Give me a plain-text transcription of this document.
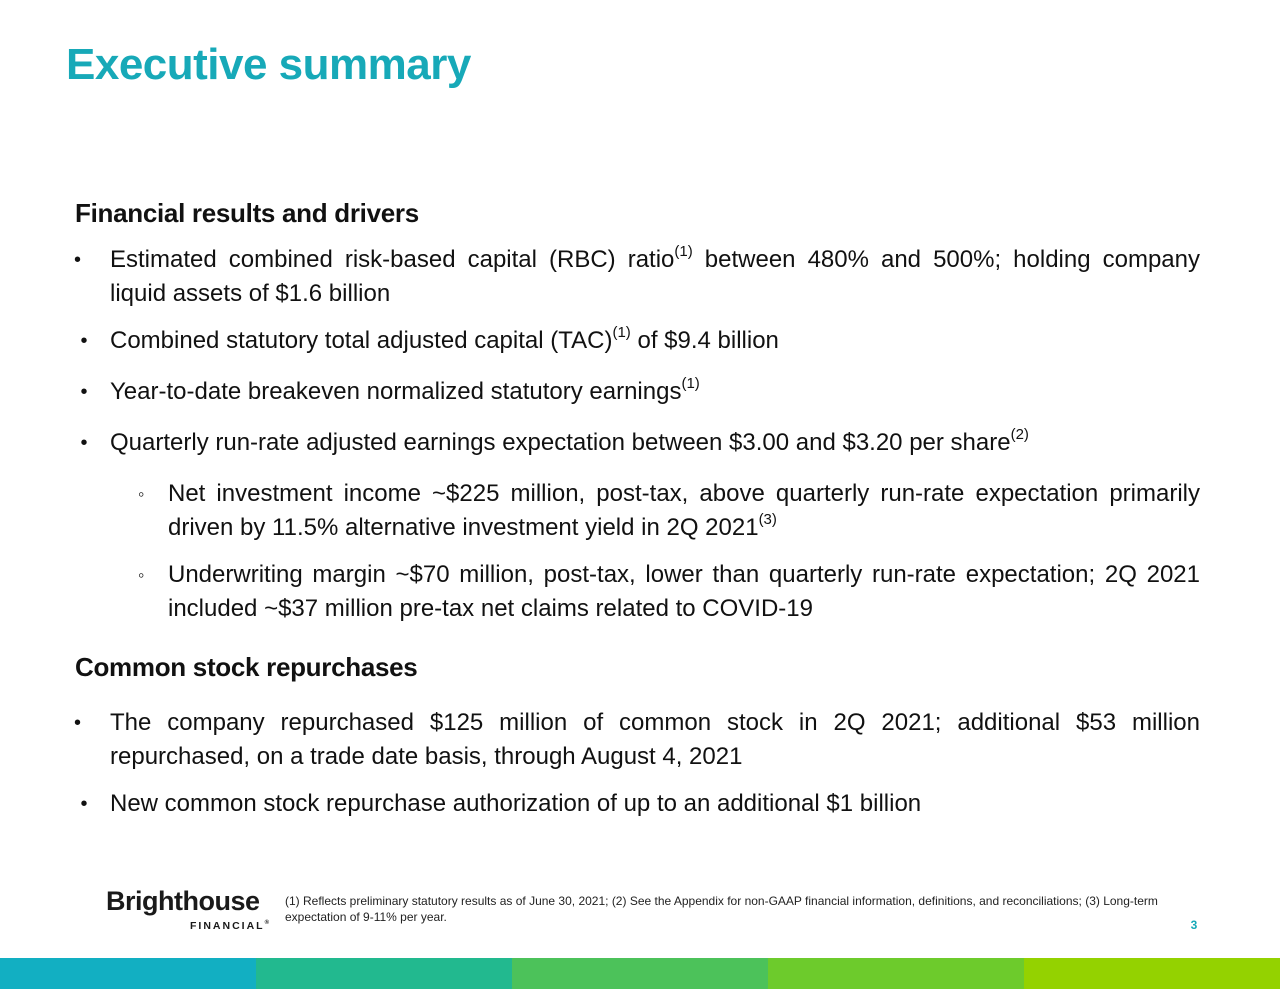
Executive summary
Financial results and drivers
•	Estimated combined risk-based capital (RBC) ratio$^{(1)}$ between 480% and 500%; holding company liquid assets of $1.6 billion
• Combined statutory total adjusted capital (TAC)$^{(1)}$ of $9.4 billion
• Year-to-date breakeven normalized statutory earnings$^{(1)}$
• Quarterly run-rate adjusted earnings expectation between $3.00 and $3.20 per share$^{(2)}$
◦ Net investment income ~$225 million, post-tax, above quarterly run-rate expectation primarily driven by 11.5% alternative investment yield in 2Q 2021$^{(3)}$
◦ Underwriting margin ~$70 million, post-tax, lower than quarterly run-rate expectation; 2Q 2021 included ~$37 million pre-tax net claims related to COVID-19
Common stock repurchases
•	The company repurchased $125 million of common stock in 2Q 2021; additional $53 million repurchased, on a trade date basis, through August 4, 2021
• New common stock repurchase authorization of up to an additional $1 billion
Brighthouse
FINANCIAL®
(1) Reflects preliminary statutory results as of June 30, 2021; (2) See the Appendix for non-GAAP financial information, definitions, and reconciliations; (3) Long-term expectation of 9-11% per year.
3
